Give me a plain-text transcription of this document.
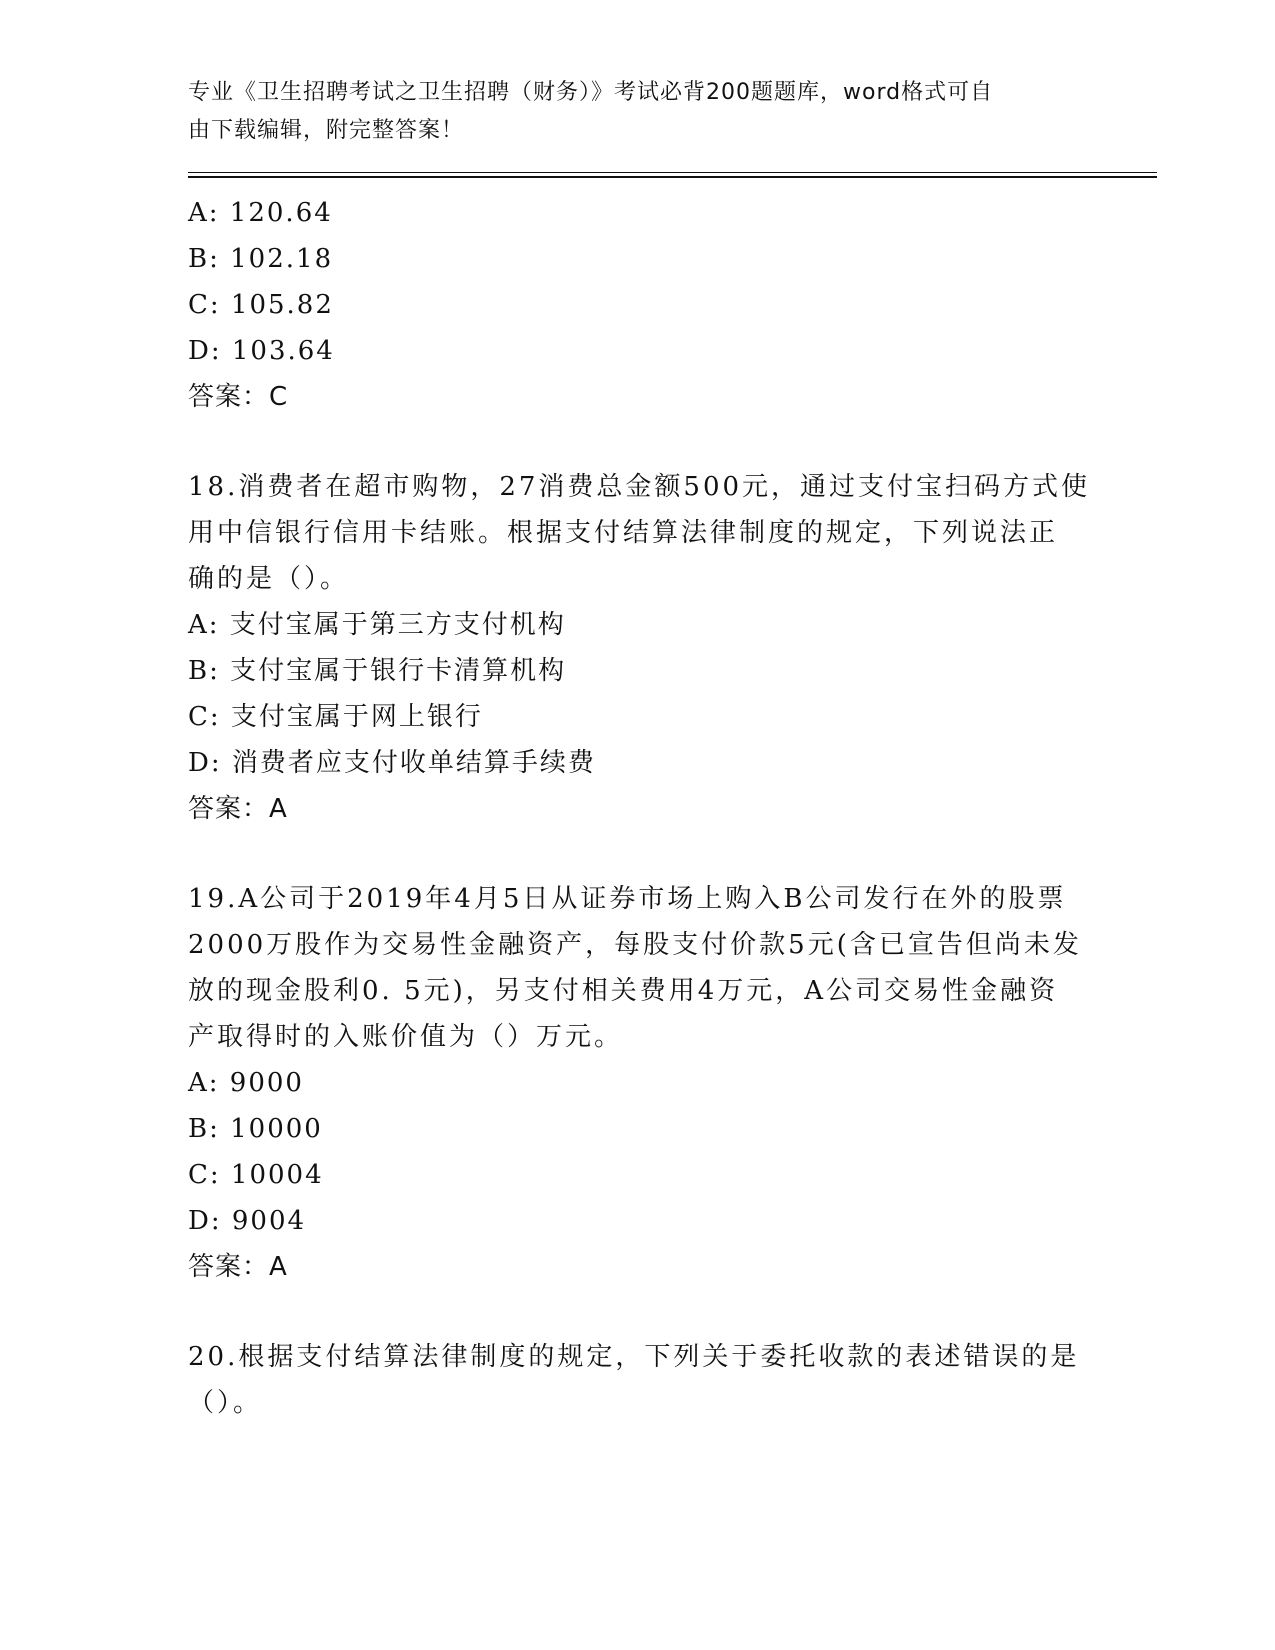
专业《卫生招聘考试之卫生招聘（财务）》考试必背200题题库，word格式可自
由下载编辑，附完整答案！
A: 120.64
B: 102.18
C: 105.82
D: 103.64
答案：C
18.消费者在超市购物，27消费总金额500元，通过支付宝扫码方式使
用中信银行信用卡结账。根据支付结算法律制度的规定，下列说法正
确的是（）。
A: 支付宝属于第三方支付机构
B: 支付宝属于银行卡清算机构
C: 支付宝属于网上银行
D: 消费者应支付收单结算手续费
答案：A
19.A公司于2019年4月5日从证券市场上购入B公司发行在外的股票
2000万股作为交易性金融资产，每股支付价款5元(含已宣告但尚未发
放的现金股利0. 5元)，另支付相关费用4万元，A公司交易性金融资
产取得时的入账价值为（）万元。
A: 9000
B: 10000
C: 10004
D: 9004
答案：A
20.根据支付结算法律制度的规定，下列关于委托收款的表述错误的是
（）。
